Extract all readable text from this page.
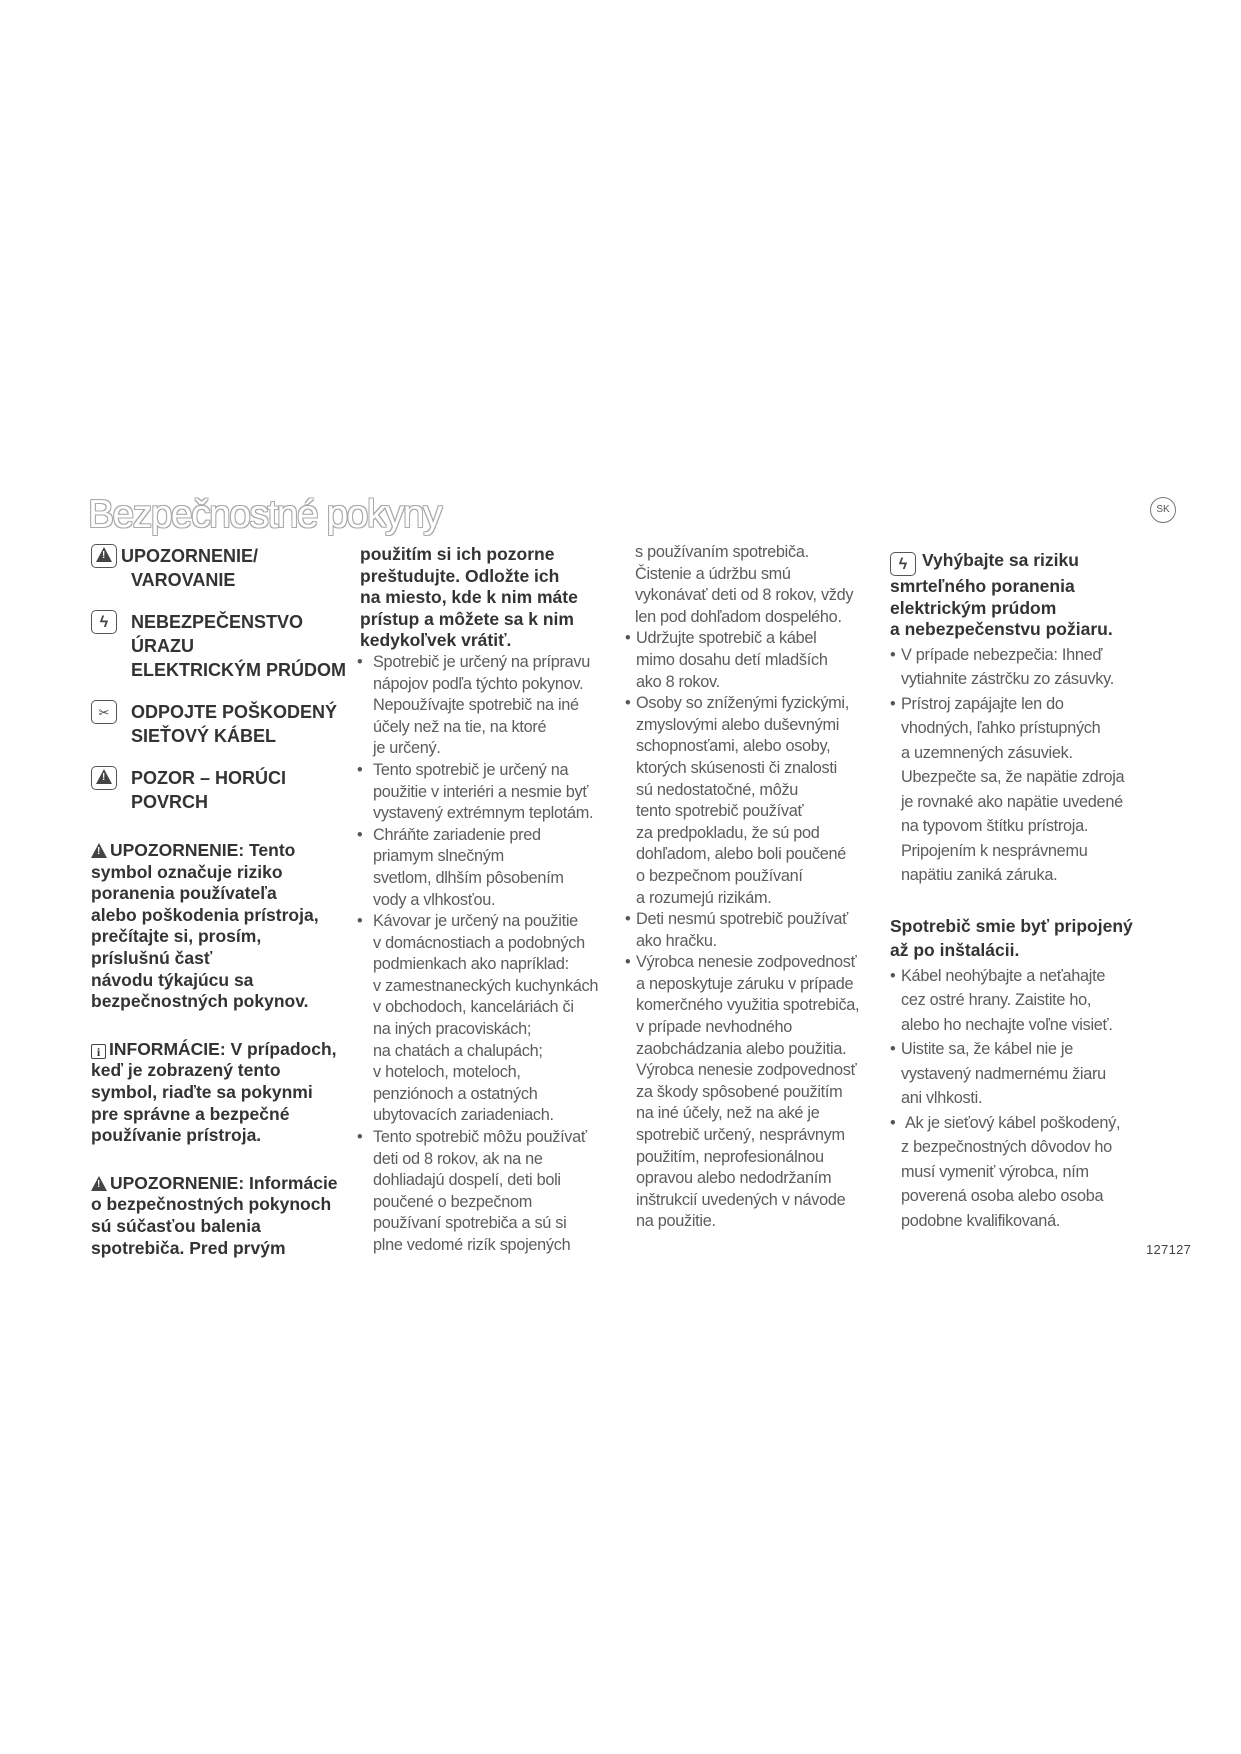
Bezpečnostné pokyny	SK
!
UPOZORNENIE/
VAROVANIE
ϟ	NEBEZPEČENSTVO ÚRAZU
ELEKTRICKÝM PRÚDOM
✂	ODPOJTE POŠKODENÝ
SIEŤOVÝ KÁBEL
!
POZOR – HORÚCI
POVRCH
!UPOZORNENIE: Tento
symbol označuje riziko
poranenia používateľa
alebo poškodenia prístroja,
prečítajte si, prosím,
príslušnú časť
návodu týkajúcu sa
bezpečnostných pokynov.
i INFORMÁCIE: V prípadoch,
keď je zobrazený tento
symbol, riaďte sa pokynmi
pre správne a bezpečné
používanie prístroja.
!UPOZORNENIE: Informácie
o bezpečnostných pokynoch
sú súčasťou balenia
spotrebiča. Pred prvým
použitím si ich pozorne
preštudujte. Odložte ich
na miesto, kde k nim máte
prístup a môžete sa k nim
kedykoľvek vrátiť.
• Spotrebič je určený na prípravu
nápojov podľa týchto pokynov.
Nepoužívajte spotrebič na iné
účely než na tie, na ktoré
je určený.
• Tento spotrebič je určený na
použitie v interiéri a nesmie byť
vystavený extrémnym teplotám.
• Chráňte zariadenie pred
priamym slnečným
svetlom, dlhším pôsobením
vody a vlhkosťou.
• Kávovar je určený na použitie
v domácnostiach a podobných
podmienkach ako napríklad:
v zamestnaneckých kuchynkách
v obchodoch, kanceláriách či
na iných pracoviskách;
na chatách a chalupách;
v hoteloch, moteloch,
penziónoch a ostatných
ubytovacích zariadeniach.
• Tento spotrebič môžu používať
deti od 8 rokov, ak na ne
dohliadajú dospelí, deti boli
poučené o bezpečnom
používaní spotrebiča a sú si
plne vedomé rizík spojených
s používaním spotrebiča.
Čistenie a údržbu smú
vykonávať deti od 8 rokov, vždy
len pod dohľadom dospelého.
• Udržujte spotrebič a kábel
mimo dosahu detí mladších
ako 8 rokov.
• Osoby so zníženými fyzickými,
zmyslovými alebo duševnými
schopnosťami, alebo osoby,
ktorých skúsenosti či znalosti
sú nedostatočné, môžu
tento spotrebič používať
za predpokladu, že sú pod
dohľadom, alebo boli poučené
o bezpečnom používaní
a rozumejú rizikám.
• Deti nesmú spotrebič používať
ako hračku.
• Výrobca nenesie zodpovednosť
a neposkytuje záruku v prípade
komerčného využitia spotrebiča,
v prípade nevhodného
zaobchádzania alebo použitia.
Výrobca nenesie zodpovednosť
za škody spôsobené použitím
na iné účely, než na aké je
spotrebič určený, nesprávnym
použitím, neprofesionálnou
opravou alebo nedodržaním
inštrukcií uvedených v návode
na použitie.
ϟ Vyhýbajte sa riziku
smrteľného poranenia
elektrickým prúdom
a nebezpečenstvu požiaru.
• V prípade nebezpečia: Ihneď
vytiahnite zástrčku zo zásuvky.
• Prístroj zapájajte len do
vhodných, ľahko prístupných
a uzemnených zásuviek.
Ubezpečte sa, že napätie zdroja
je rovnaké ako napätie uvedené
na typovom štítku prístroja.
Pripojením k nesprávnemu
napätiu zaniká záruka.
Spotrebič smie byť pripojený
až po inštalácii.
• Kábel neohýbajte a neťahajte
cez ostré hrany. Zaistite ho,
alebo ho nechajte voľne visieť.
• Uistite sa, že kábel nie je
vystavený nadmernému žiaru
ani vlhkosti.
• Ak je sieťový kábel poškodený,
z bezpečnostných dôvodov ho
musí vymeniť výrobca, ním
poverená osoba alebo osoba
podobne kvalifikovaná.
127127
